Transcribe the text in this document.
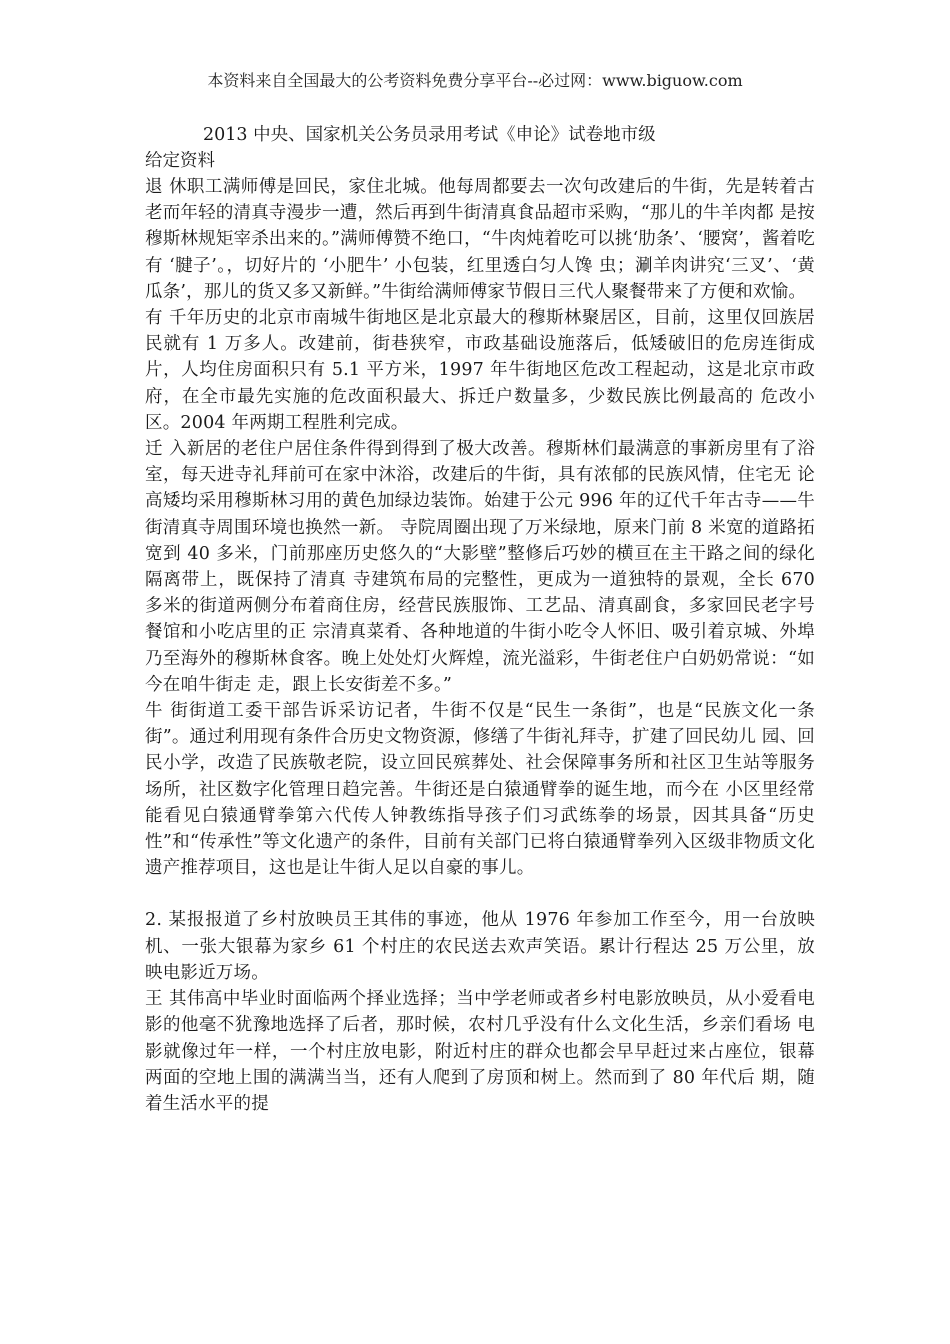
本资料来自全国最大的公考资料免费分享平台--必过网：www.biguow.com
2013 中央、国家机关公务员录用考试《申论》试卷地市级
给定资料

退 休职工满师傅是回民，家住北城。他每周都要去一次句改建后的牛街，先是转着古老而年轻的清真寺漫步一遭，然后再到牛街清真食品超市采购，“那儿的牛羊肉都 是按穆斯林规矩宰杀出来的。”满师傅赞不绝口，“牛肉炖着吃可以挑‘肋条’、‘腰窝’，酱着吃有 ‘腱子’。，切好片的 ‘小肥牛’ 小包装，红里透白匀人馋 虫；涮羊肉讲究‘三叉’、‘黄瓜条’，那儿的货又多又新鲜。”牛街给满师傅家节假日三代人聚餐带来了方便和欢愉。

有 千年历史的北京市南城牛街地区是北京最大的穆斯林聚居区，目前，这里仅回族居民就有 1 万多人。改建前，街巷狭窄，市政基础设施落后，低矮破旧的危房连街成 片，人均住房面积只有 5.1 平方米，1997 年牛街地区危改工程起动，这是北京市政府，在全市最先实施的危改面积最大、拆迁户数量多，少数民族比例最高的 危改小区。2004 年两期工程胜利完成。

迁 入新居的老住户居住条件得到得到了极大改善。穆斯林们最满意的事新房里有了浴室，每天进寺礼拜前可在家中沐浴，改建后的牛街，具有浓郁的民族风情，住宅无 论高矮均采用穆斯林习用的黄色加绿边装饰。始建于公元 996 年的辽代千年古寺——牛街清真寺周围环境也换然一新。 寺院周圈出现了万米绿地，原来门前 8 米宽的道路拓宽到 40 多米，门前那座历史悠久的“大影壁”整修后巧妙的横亘在主干路之间的绿化隔离带上，既保持了清真 寺建筑布局的完整性，更成为一道独特的景观，全长 670 多米的街道两侧分布着商住房，经营民族服饰、工艺品、清真副食，多家回民老字号餐馆和小吃店里的正 宗清真菜肴、各种地道的牛街小吃令人怀旧、吸引着京城、外埠乃至海外的穆斯林食客。晚上处处灯火辉煌，流光溢彩，牛街老住户白奶奶常说：“如今在咱牛街走 走，跟上长安街差不多。”

牛 街街道工委干部告诉采访记者，牛街不仅是“民生一条街”，也是“民族文化一条街”。通过利用现有条件合历史文物资源，修缮了牛街礼拜寺，扩建了回民幼儿 园、回民小学，改造了民族敬老院，设立回民殡葬处、社会保障事务所和社区卫生站等服务场所，社区数字化管理日趋完善。牛街还是白猿通臂拳的诞生地，而今在 小区里经常能看见白猿通臂拳第六代传人钟教练指导孩子们习武练拳的场景，因其具备“历史性”和“传承性”等文化遗产的条件，目前有关部门已将白猿通臂拳列入区级非物质文化遗产推荐项目，这也是让牛街人足以自豪的事儿。

2. 某报报道了乡村放映员王其伟的事迹，他从 1976 年参加工作至今，用一台放映机、一张大银幕为家乡 61 个村庄的农民送去欢声笑语。累计行程达 25 万公里，放映电影近万场。

王 其伟高中毕业时面临两个择业选择；当中学老师或者乡村电影放映员，从小爱看电影的他毫不犹豫地选择了后者，那时候，农村几乎没有什么文化生活，乡亲们看场 电影就像过年一样，一个村庄放电影，附近村庄的群众也都会早早赶过来占座位，银幕两面的空地上围的满满当当，还有人爬到了房顶和树上。然而到了 80 年代后 期，随着生活水平的提
